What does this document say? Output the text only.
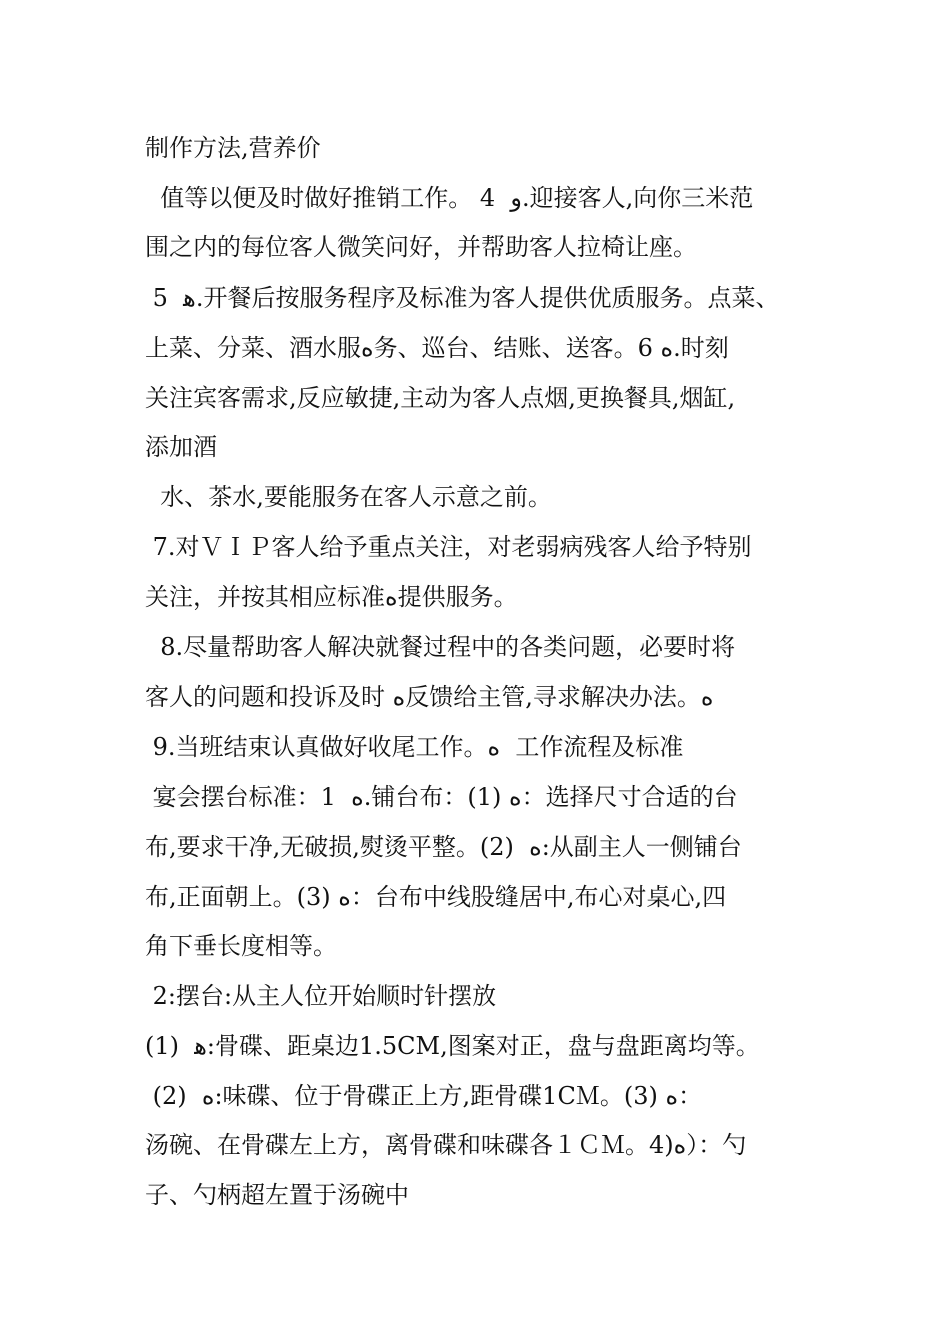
制作方法,营养价
值等以便及时做好推销工作。 4  ﻭ.迎接客人,向你三米范
围之内的每位客人微笑问好，并帮助客人拉椅让座。
5  ﻫ.开餐后按服务程序及标准为客人提供优质服务。点菜、
上菜、分菜、酒水服ﻩ务、巡台、结账、送客。6 ﻩ.时刻
关注宾客需求,反应敏捷,主动为客人点烟,更换餐具,烟缸,
添加酒
水、茶水,要能服务在客人示意之前。
7.对ＶＩＰ客人给予重点关注，对老弱病残客人给予特别
关注，并按其相应标准ﻩ提供服务。
8.尽量帮助客人解决就餐过程中的各类问题，必要时将
客人的问题和投诉及时 ﻩ反馈给主管,寻求解决办法。ﻩ
9.当班结束认真做好收尾工作。ﻩ  工作流程及标准
宴会摆台标准：1  ﻩ.铺台布：(1) ﻩ：选择尺寸合适的台
布,要求干净,无破损,熨烫平整。(2)  ﻩ:从副主人一侧铺台
布,正面朝上。(3) ﻩ：台布中线股缝居中,布心对桌心,四
角下垂长度相等。
2:摆台:从主人位开始顺时针摆放
(1)  ﻫ:骨碟、距桌边1.5CM,图案对正，盘与盘距离均等。
(2)  ﻩ:味碟、位于骨碟正上方,距骨碟1CＭ。ﻩ (3)：
汤碗、在骨碟左上方，离骨碟和味碟各１ＣＭ。4)ﻩ）：勺
子、勺柄超左置于汤碗中
